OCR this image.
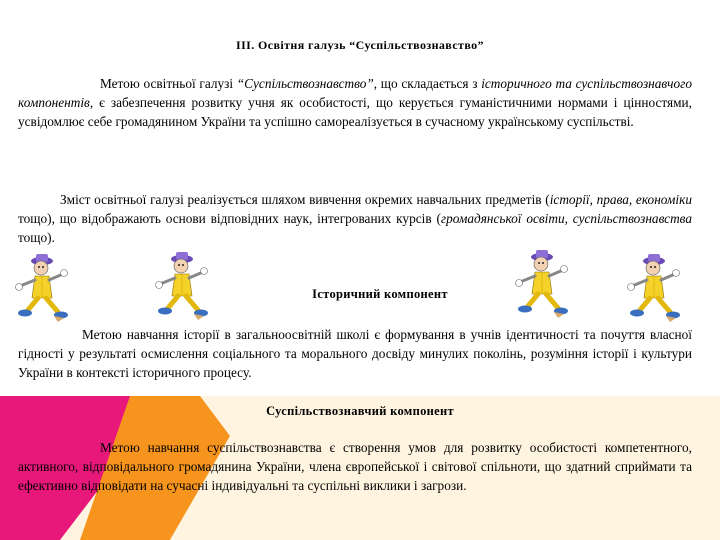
ІІІ. Освітня галузь “Суспільствознавство”
Метою освітньої галузі “Суспільствознавство”, що складається з історичного та суспільствознавчого компонентів, є забезпечення розвитку учня як особистості, що керується гуманістичними нормами і цінностями, усвідомлює себе громадянином України та успішно самореалізується в сучасному українському суспільстві.
Зміст освітньої галузі реалізується шляхом вивчення окремих навчальних предметів (історії, права, економіки тощо), що відображають основи відповідних наук, інтегрованих курсів (громадянської освіти, суспільствознавства тощо).
Історичний компонент
Метою навчання історії в загальноосвітній школі є формування в учнів ідентичності та почуття власної гідності у результаті осмислення соціального та морального досвіду минулих поколінь, розуміння історії і культури України в контексті історичного процесу.
Суспільствознавчий компонент
Метою навчання суспільствознавства є створення умов для розвитку особистості компетентного, активного, відповідального громадянина України, члена європейської і світової спільноти, що здатний сприймати та ефективно відповідати на сучасні індивідуальні та суспільні виклики і загрози.
